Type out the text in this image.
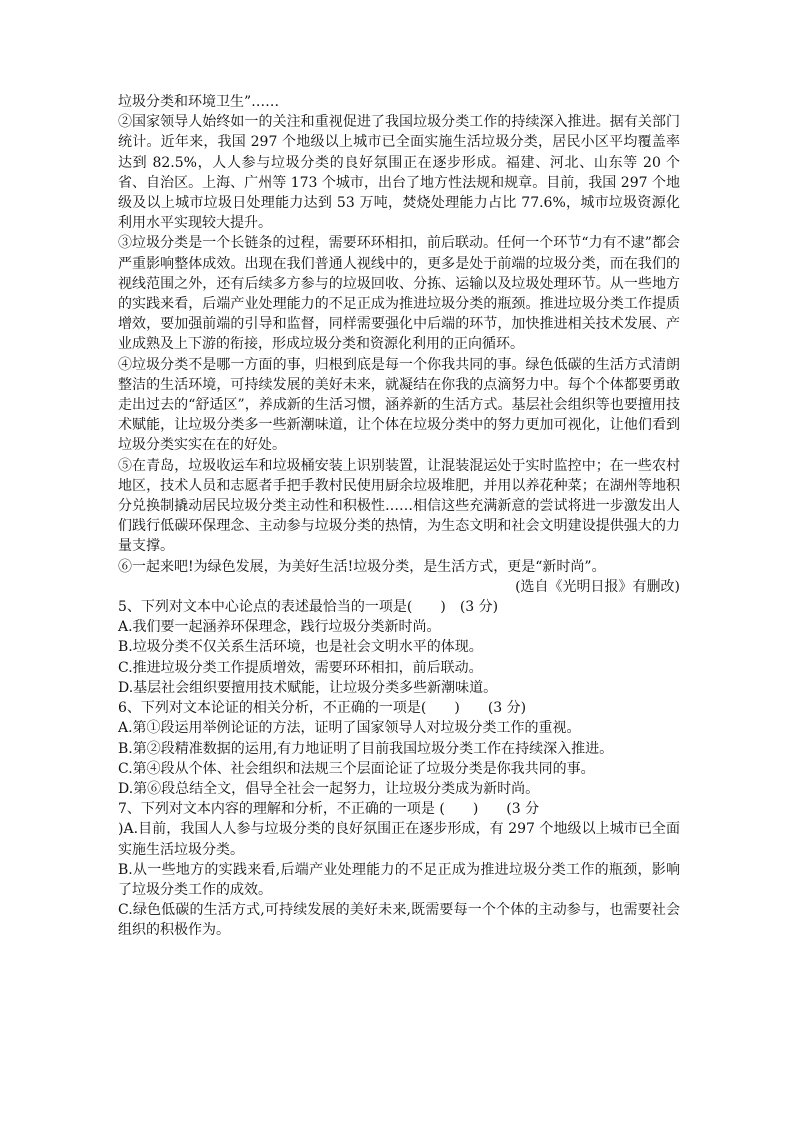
垃圾分类和环境卫生”……

②国家领导人始终如一的关注和重视促进了我国垃圾分类工作的持续深入推进。据有关部门统计。近年来，我国 297 个地级以上城市已全面实施生活垃圾分类，居民小区平均覆盖率达到 82.5%，人人参与垃圾分类的良好氛围正在逐步形成。福建、河北、山东等 20 个省、自治区。上海、广州等 173 个城市，出台了地方性法规和规章。目前，我国 297 个地级及以上城市垃圾日处理能力达到 53 万吨，焚烧处理能力占比 77.6%，城市垃圾资源化利用水平实现较大提升。

③垃圾分类是一个长链条的过程，需要环环相扣，前后联动。任何一个环节“力有不逮”都会严重影响整体成效。出现在我们普通人视线中的，更多是处于前端的垃圾分类，而在我们的视线范围之外，还有后续多方参与的垃圾回收、分拣、运输以及垃圾处理环节。从一些地方的实践来看，后端产业处理能力的不足正成为推进垃圾分类的瓶颈。推进垃圾分类工作提质增效，要加强前端的引导和监督，同样需要强化中后端的环节，加快推进相关技术发展、产业成熟及上下游的衔接，形成垃圾分类和资源化利用的正向循环。

④垃圾分类不是哪一方面的事，归根到底是每一个你我共同的事。绿色低碳的生活方式清朗整洁的生活环境，可持续发展的美好未来，就凝结在你我的点滴努力中。每个个体都要勇敢走出过去的“舒适区”，养成新的生活习惯，涵养新的生活方式。基层社会组织等也要擅用技术赋能，让垃圾分类多一些新潮味道，让个体在垃圾分类中的努力更加可视化，让他们看到垃圾分类实实在在的好处。

⑤在青岛，垃圾收运车和垃圾桶安装上识别装置，让混装混运处于实时监控中；在一些农村地区，技术人员和志愿者手把手教村民使用厨余垃圾堆肥，并用以养花种菜；在湖州等地积分兑换制撬动居民垃圾分类主动性和积极性……相信这些充满新意的尝试将进一步激发出人们践行低碳环保理念、主动参与垃圾分类的热情，为生态文明和社会文明建设提供强大的力量支撑。

⑥一起来吧!为绿色发展，为美好生活!垃圾分类，是生活方式，更是“新时尚”。

(选自《光明日报》有删改)

5、下列对文本中心论点的表述最恰当的一项是(　　)　(3 分)

A.我们要一起涵养环保理念，践行垃圾分类新时尚。

B.垃圾分类不仅关系生活环境，也是社会文明水平的体现。

C.推进垃圾分类工作提质增效，需要环环相扣，前后联动。

D.基层社会组织要擅用技术赋能，让垃圾分类多些新潮味道。

6、下列对文本论证的相关分析，不正确的一项是(　　)　　(3 分)

A.第①段运用举例论证的方法，证明了国家领导人对垃圾分类工作的重视。

B.第②段精准数据的运用,有力地证明了目前我国垃圾分类工作在持续深入推进。

C.第④段从个体、社会组织和法规三个层面论证了垃圾分类是你我共同的事。

D.第⑥段总结全文，倡导全社会一起努力，让垃圾分类成为新时尚。

7、下列对文本内容的理解和分析，不正确的一项是 (　　)　　(3 分

)A.目前，我国人人参与垃圾分类的良好氛围正在逐步形成，有 297 个地级以上城市已全面实施生活垃圾分类。

B.从一些地方的实践来看,后端产业处理能力的不足正成为推进垃圾分类工作的瓶颈，影响了垃圾分类工作的成效。

C.绿色低碳的生活方式,可持续发展的美好未来,既需要每一个个体的主动参与，也需要社会组织的积极作为。
